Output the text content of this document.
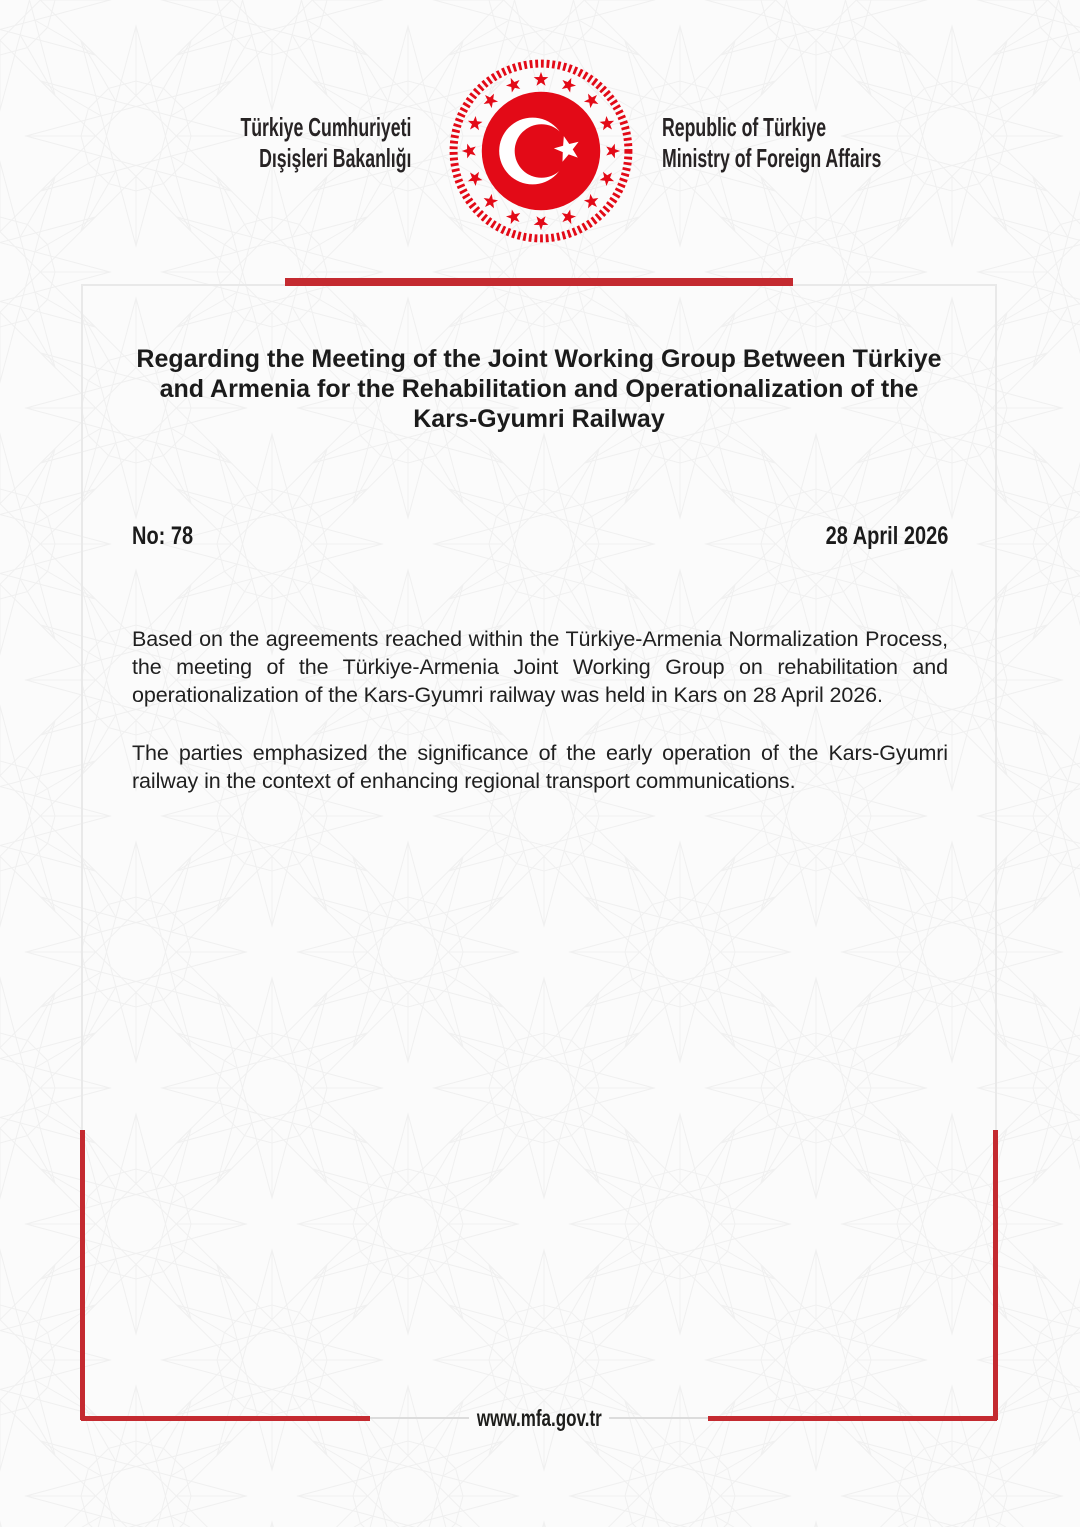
Türkiye Cumhuriyeti
Dışişleri Bakanlığı
Republic of Türkiye
Ministry of Foreign Affairs
Regarding the Meeting of the Joint Working Group Between Türkiye
and Armenia for the Rehabilitation and Operationalization of the
Kars-Gyumri Railway
No: 78	28 April 2026

Based on the agreements reached within the Türkiye-Armenia Normalization Process, the meeting of the Türkiye-Armenia Joint Working Group on rehabilitation and operationalization of the Kars-Gyumri railway was held in Kars on 28 April 2026.

The parties emphasized the significance of the early operation of the Kars-Gyumri railway in the context of enhancing regional transport communications.

www.mfa.gov.tr
